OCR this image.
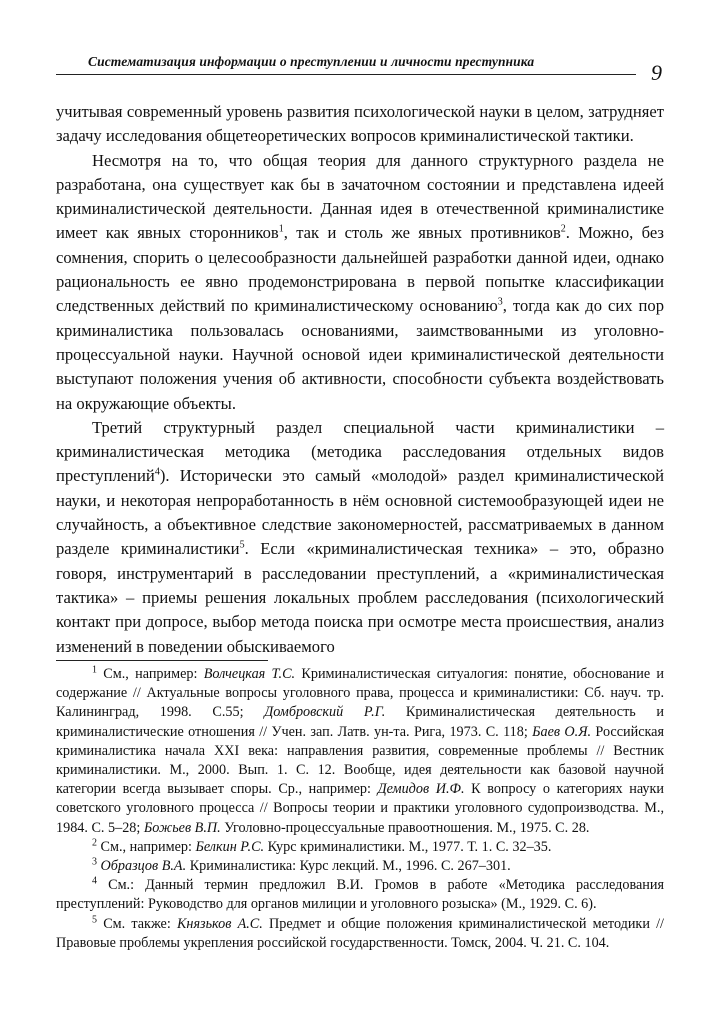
Систематизация информации о преступлении и личности преступника	9

учитывая современный уровень развития психологической науки в целом, затрудняет задачу исследования общетеоретических вопросов криминалистической тактики.

Несмотря на то, что общая теория для данного структурного раздела не разработана, она существует как бы в зачаточном состоянии и представлена идеей криминалистической деятельности. Данная идея в отечественной криминалистике имеет как явных сторонников$^1$, так и столь же явных противников$^2$. Можно, без сомнения, спорить о целесообразности дальнейшей разработки данной идеи, однако рациональность ее явно продемонстрирована в первой попытке классификации следственных действий по криминалистическому основанию$^3$, тогда как до сих пор криминалистика пользовалась основаниями, заимствованными из уголовно-процессуальной науки. Научной основой идеи криминалистической деятельности выступают положения учения об активности, способности субъекта воздействовать на окружающие объекты.

Третий структурный раздел специальной части криминалистики – криминалистическая методика (методика расследования отдельных видов преступлений$^4$). Исторически это самый «молодой» раздел криминалистической науки, и некоторая непроработанность в нём основной системообразующей идеи не случайность, а объективное следствие закономерностей, рассматриваемых в данном разделе криминалистики$^5$. Если «криминалистическая техника» – это, образно говоря, инструментарий в расследовании преступлений, а «криминалистическая тактика» – приемы решения локальных проблем расследования (психологический контакт при допросе, выбор метода поиска при осмотре места происшествия, анализ изменений в поведении обыскиваемого

$^1$ См., например: Волчецкая Т.С. Криминалистическая ситуалогия: понятие, обоснование и содержание // Актуальные вопросы уголовного права, процесса и криминалистики: Сб. науч. тр. Калининград, 1998. С.55; Домбровский Р.Г. Криминалистическая деятельность и криминалистические отношения // Учен. зап. Латв. ун-та. Рига, 1973. С. 118; Баев О.Я. Российская криминалистика начала XXI века: направления развития, современные проблемы // Вестник криминалистики. М., 2000. Вып. 1. С. 12. Вообще, идея деятельности как базовой научной категории всегда вызывает споры. Ср., например: Демидов И.Ф. К вопросу о категориях науки советского уголовного процесса // Вопросы теории и практики уголовного судопроизводства. М., 1984. С. 5–28; Божьев В.П. Уголовно-процессуальные правоотношения. М., 1975. С. 28.

$^2$ См., например: Белкин Р.С. Курс криминалистики. М., 1977. Т. 1. С. 32–35.

$^3$ Образцов В.А. Криминалистика: Курс лекций. М., 1996. С. 267–301.

$^4$ См.: Данный термин предложил В.И. Громов в работе «Методика расследования преступлений: Руководство для органов милиции и уголовного розыска» (М., 1929. С. 6).

$^5$ См. также: Князьков А.С. Предмет и общие положения криминалистической методики // Правовые проблемы укрепления российской государственности. Томск, 2004. Ч. 21. С. 104.
